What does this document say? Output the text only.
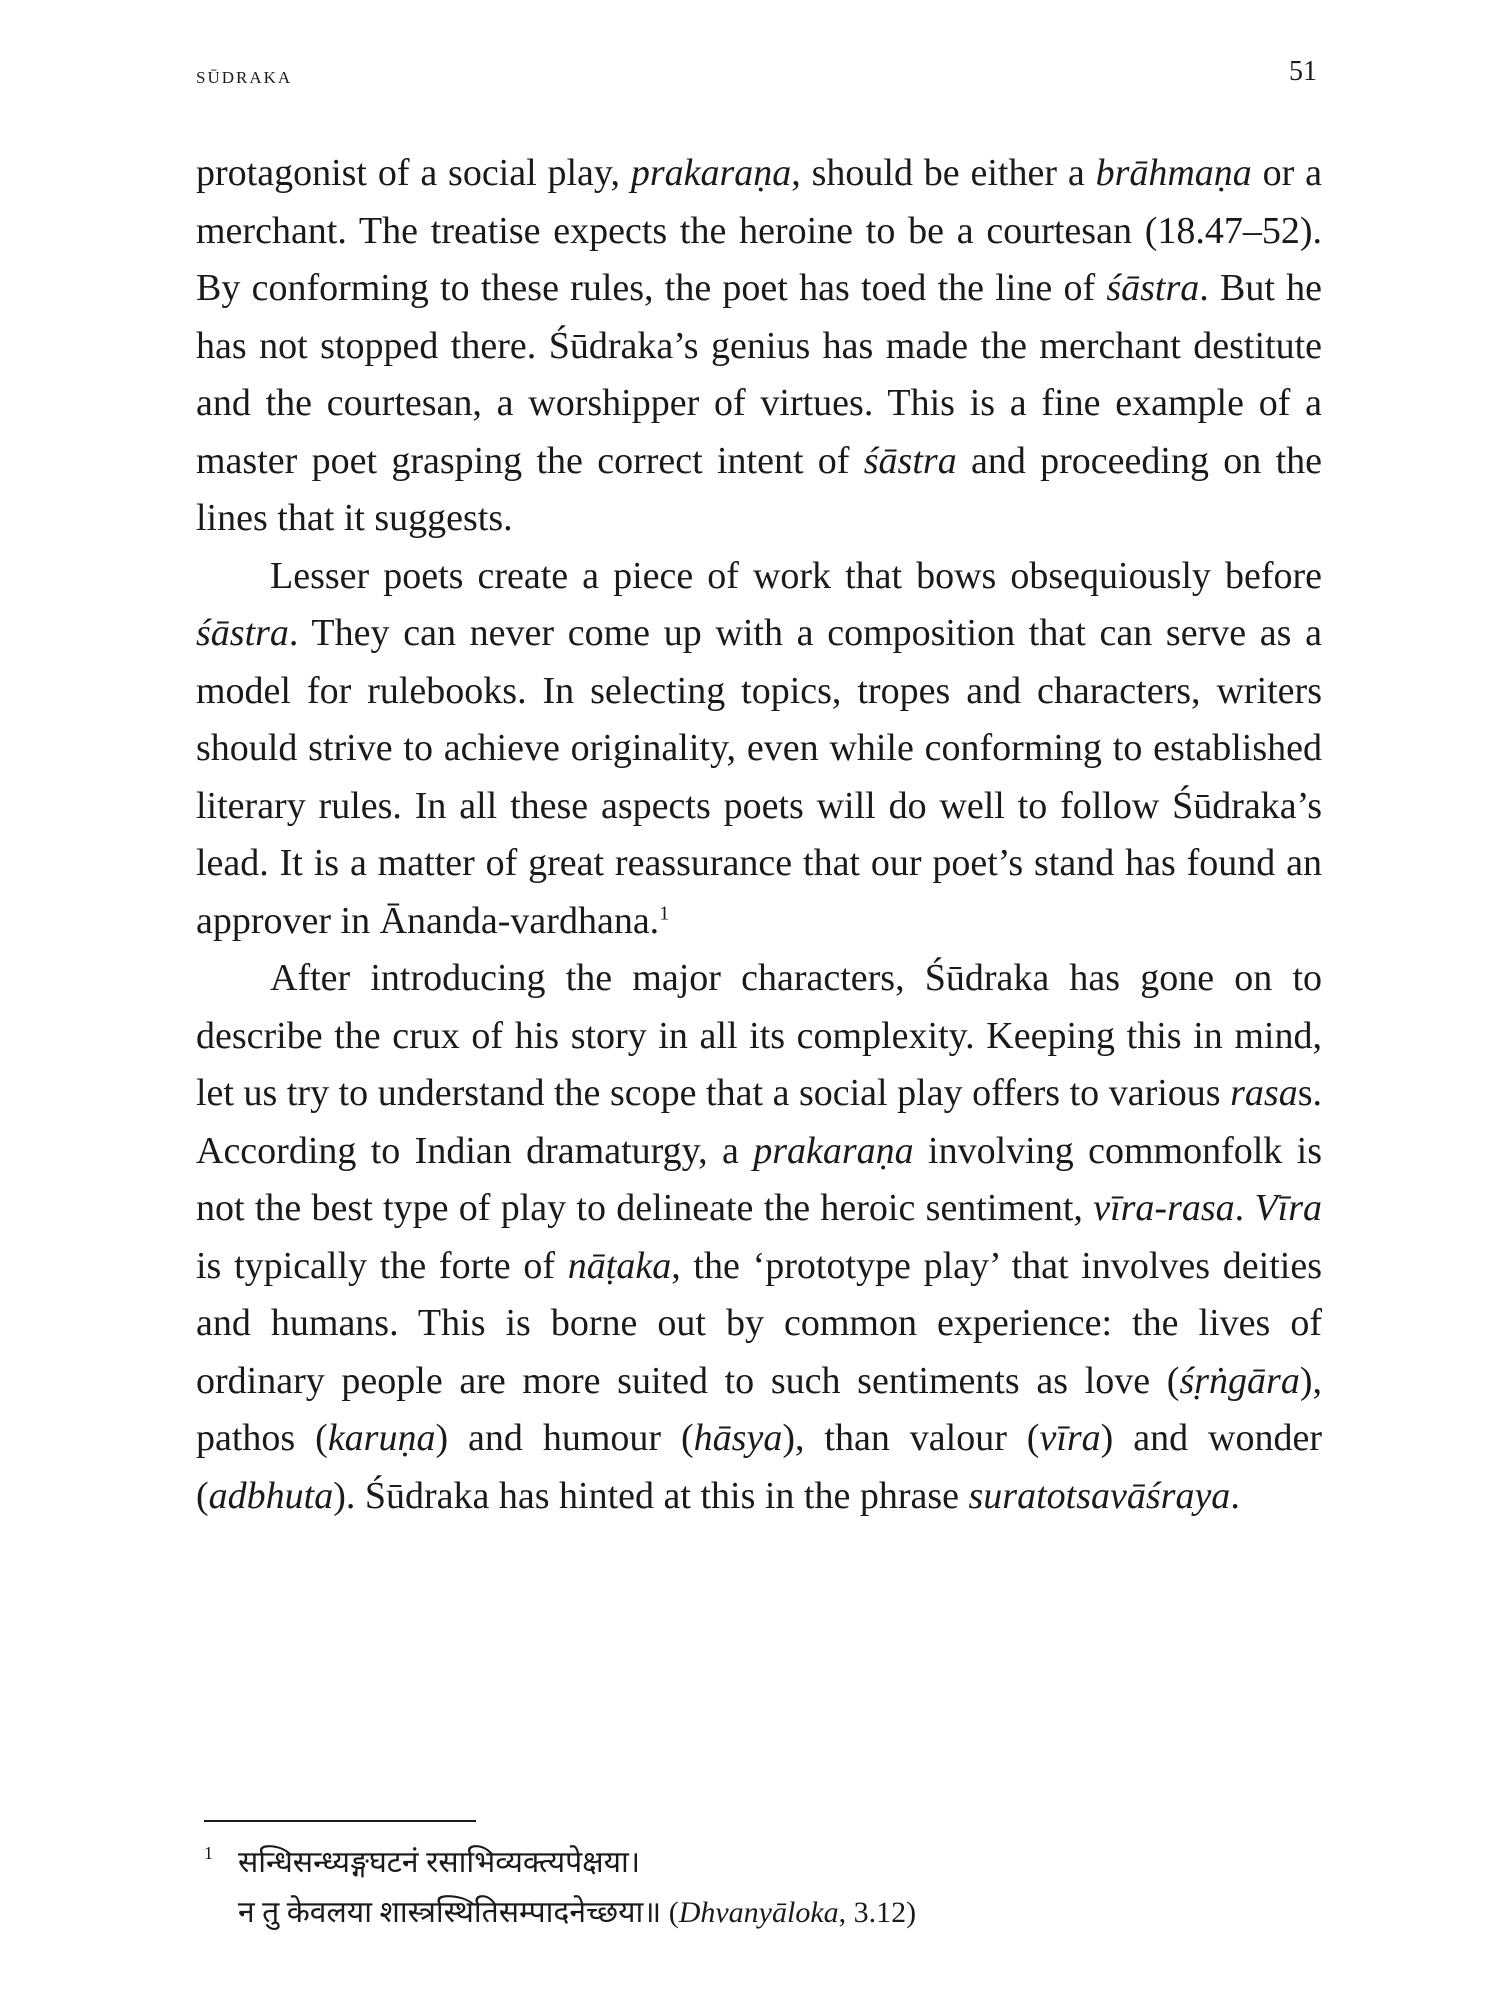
SŪDRAKA	51

protagonist of a social play, prakaraṇa, should be either a brāhmaṇa or a merchant. The treatise expects the heroine to be a courtesan (18.47–52). By conforming to these rules, the poet has toed the line of śāstra. But he has not stopped there. Śūdraka’s genius has made the merchant destitute and the courtesan, a worshipper of virtues. This is a fine example of a master poet grasping the correct intent of śāstra and proceeding on the lines that it suggests.

Lesser poets create a piece of work that bows obsequiously before śāstra. They can never come up with a composition that can serve as a model for rulebooks. In selecting topics, tropes and characters, writers should strive to achieve originality, even while conforming to established literary rules. In all these aspects poets will do well to follow Śūdraka’s lead. It is a matter of great reassurance that our poet’s stand has found an approver in Ānanda-vardhana.$^1$

After introducing the major characters, Śūdraka has gone on to describe the crux of his story in all its complexity. Keeping this in mind, let us try to understand the scope that a social play offers to various rasas. According to Indian dramaturgy, a prakaraṇa involving commonfolk is not the best type of play to delineate the heroic sentiment, vīra-rasa. Vīra is typically the forte of nāṭaka, the ‘prototype play’ that involves deities and humans. This is borne out by common experience: the lives of ordinary people are more suited to such sentiments as love (śṛṅgāra), pathos (karuṇa) and humour (hāsya), than valour (vīra) and wonder (adbhuta). Śūdraka has hinted at this in the phrase suratotsavāśraya.

1 सन्धिसन्ध्यङ्गघटनं रसाभिव्यक्त्यपेक्षया।
न तु केवलया शास्त्रस्थितिसम्पादनेच्छया॥ (Dhvanyāloka, 3.12)
